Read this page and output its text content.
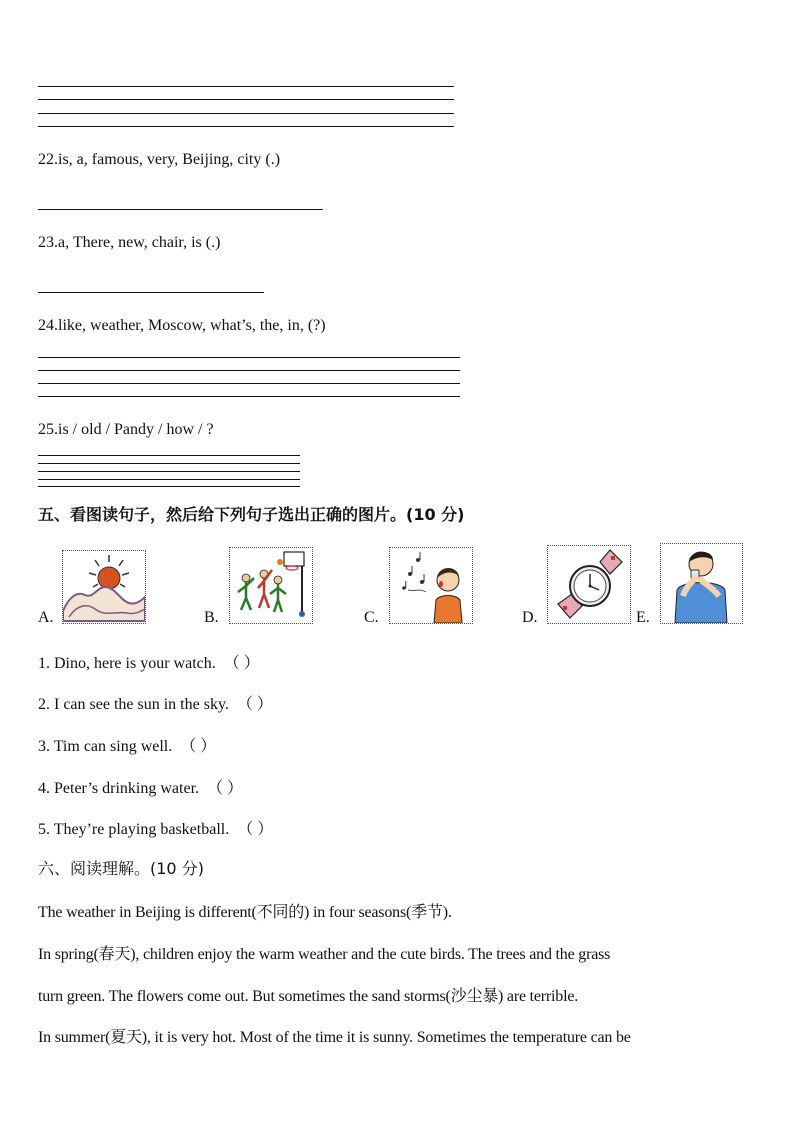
22.is, a, famous, very, Beijing, city (.)
23.a, There, new, chair, is (.)
24.like, weather, Moscow, what’s, the, in, (?)
25.is / old / Pandy / how / ?
五、看图读句子，然后给下列句子选出正确的图片。(10 分)
A.	B.	C.	D.	E.
1. Dino, here is your watch. （ ）
2. I can see the sun in the sky. （ ）
3. Tim can sing well. （ ）
4. Peter’s drinking water. （ ）
5. They’re playing basketball. （ ）
六、阅读理解。(10 分)
The weather in Beijing is different(不同的) in four seasons(季节).
In spring(春天), children enjoy the warm weather and the cute birds. The trees and the grass
turn green. The flowers come out. But sometimes the sand storms(沙尘暴) are terrible.
In summer(夏天), it is very hot. Most of the time it is sunny. Sometimes the temperature can be
